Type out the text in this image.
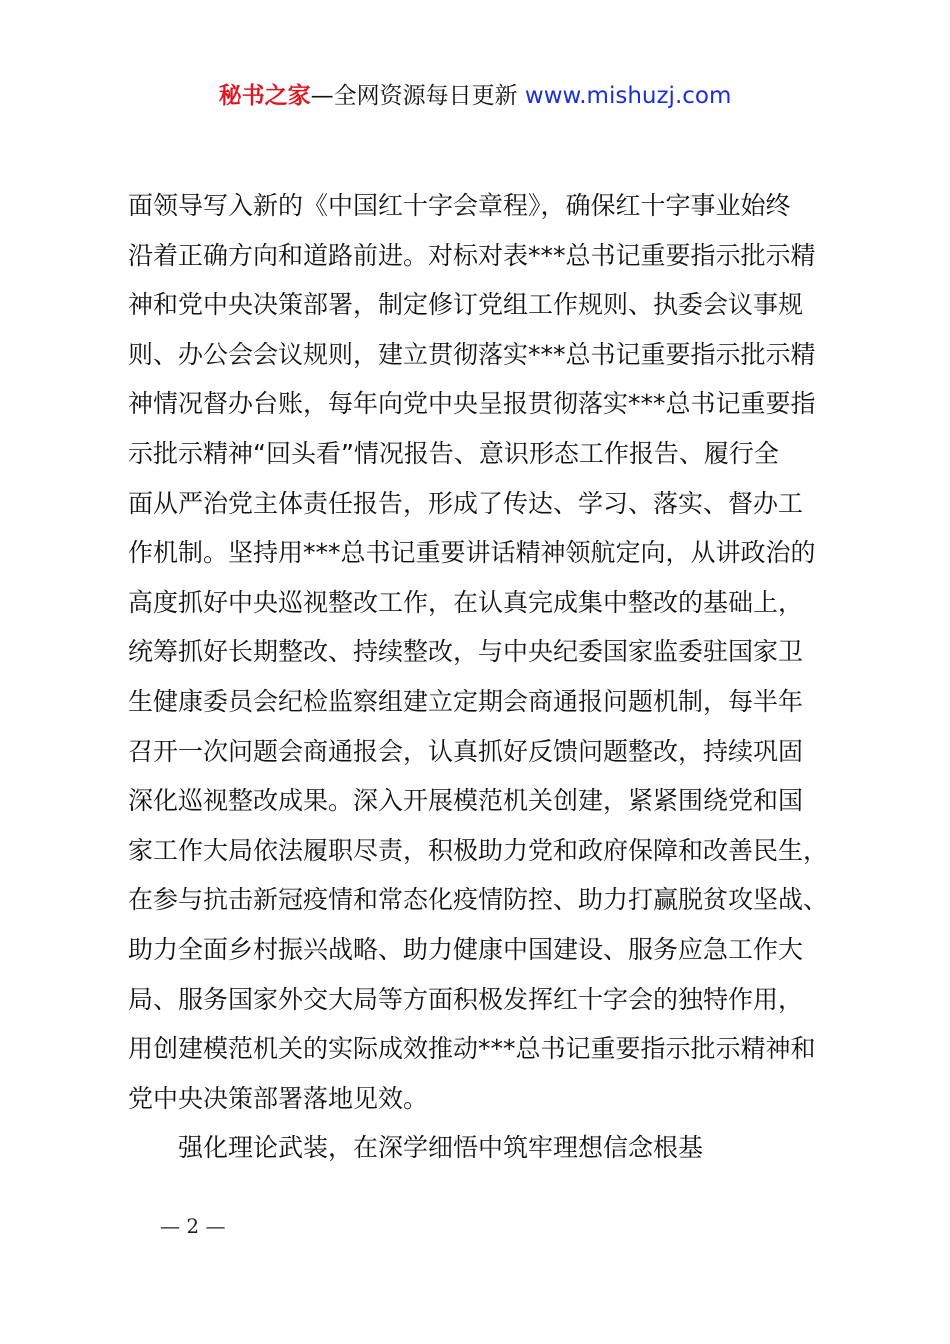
秘书之家—全网资源每日更新 www.mishuzj.com
面领导写入新的《中国红十字会章程》，确保红十字事业始终
沿着正确方向和道路前进。对标对表***总书记重要指示批示精
神和党中央决策部署，制定修订党组工作规则、执委会议事规
则、办公会会议规则，建立贯彻落实***总书记重要指示批示精
神情况督办台账，每年向党中央呈报贯彻落实***总书记重要指
示批示精神“回头看”情况报告、意识形态工作报告、履行全
面从严治党主体责任报告，形成了传达、学习、落实、督办工
作机制。坚持用***总书记重要讲话精神领航定向，从讲政治的
高度抓好中央巡视整改工作，在认真完成集中整改的基础上，
统筹抓好长期整改、持续整改，与中央纪委国家监委驻国家卫
生健康委员会纪检监察组建立定期会商通报问题机制，每半年
召开一次问题会商通报会，认真抓好反馈问题整改，持续巩固
深化巡视整改成果。深入开展模范机关创建，紧紧围绕党和国
家工作大局依法履职尽责，积极助力党和政府保障和改善民生，
在参与抗击新冠疫情和常态化疫情防控、助力打赢脱贫攻坚战、
助力全面乡村振兴战略、助力健康中国建设、服务应急工作大
局、服务国家外交大局等方面积极发挥红十字会的独特作用，
用创建模范机关的实际成效推动***总书记重要指示批示精神和
党中央决策部署落地见效。
强化理论武装，在深学细悟中筑牢理想信念根基
— 2 —
